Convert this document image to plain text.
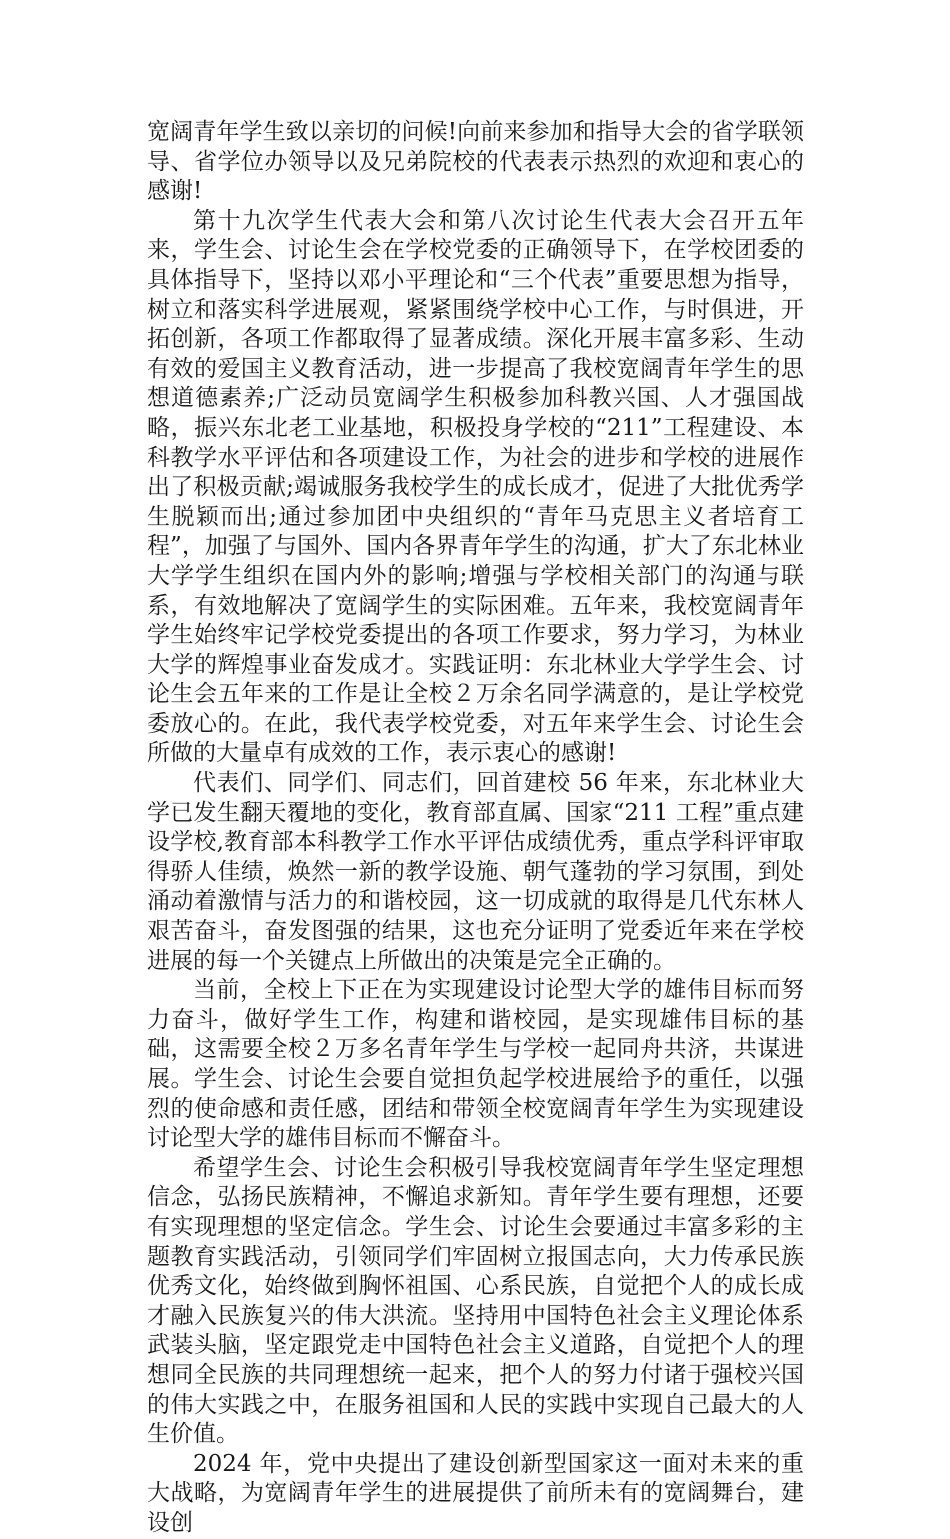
宽阔青年学生致以亲切的问候!向前来参加和指导大会的省学联领导、省学位办领导以及兄弟院校的代表表示热烈的欢迎和衷心的感谢!

第十九次学生代表大会和第八次讨论生代表大会召开五年来，学生会、讨论生会在学校党委的正确领导下，在学校团委的具体指导下，坚持以邓小平理论和“三个代表”重要思想为指导，树立和落实科学进展观，紧紧围绕学校中心工作，与时俱进，开拓创新，各项工作都取得了显著成绩。深化开展丰富多彩、生动有效的爱国主义教育活动，进一步提高了我校宽阔青年学生的思想道德素养;广泛动员宽阔学生积极参加科教兴国、人才强国战略，振兴东北老工业基地，积极投身学校的“211”工程建设、本科教学水平评估和各项建设工作，为社会的进步和学校的进展作出了积极贡献;竭诚服务我校学生的成长成才，促进了大批优秀学生脱颖而出;通过参加团中央组织的“青年马克思主义者培育工程”，加强了与国外、国内各界青年学生的沟通，扩大了东北林业大学学生组织在国内外的影响;增强与学校相关部门的沟通与联系，有效地解决了宽阔学生的实际困难。五年来，我校宽阔青年学生始终牢记学校党委提出的各项工作要求，努力学习，为林业大学的辉煌事业奋发成才。实践证明：东北林业大学学生会、讨论生会五年来的工作是让全校２万余名同学满意的，是让学校党委放心的。在此，我代表学校党委，对五年来学生会、讨论生会所做的大量卓有成效的工作，表示衷心的感谢!

代表们、同学们、同志们，回首建校 56 年来，东北林业大学已发生翻天覆地的变化，教育部直属、国家“211 工程”重点建设学校,教育部本科教学工作水平评估成绩优秀，重点学科评审取得骄人佳绩，焕然一新的教学设施、朝气蓬勃的学习氛围，到处涌动着激情与活力的和谐校园，这一切成就的取得是几代东林人艰苦奋斗，奋发图强的结果，这也充分证明了党委近年来在学校进展的每一个关键点上所做出的决策是完全正确的。

当前，全校上下正在为实现建设讨论型大学的雄伟目标而努力奋斗，做好学生工作，构建和谐校园，是实现雄伟目标的基础，这需要全校２万多名青年学生与学校一起同舟共济，共谋进展。学生会、讨论生会要自觉担负起学校进展给予的重任，以强烈的使命感和责任感，团结和带领全校宽阔青年学生为实现建设讨论型大学的雄伟目标而不懈奋斗。

希望学生会、讨论生会积极引导我校宽阔青年学生坚定理想信念，弘扬民族精神，不懈追求新知。青年学生要有理想，还要有实现理想的坚定信念。学生会、讨论生会要通过丰富多彩的主题教育实践活动，引领同学们牢固树立报国志向，大力传承民族优秀文化，始终做到胸怀祖国、心系民族，自觉把个人的成长成才融入民族复兴的伟大洪流。坚持用中国特色社会主义理论体系武装头脑，坚定跟党走中国特色社会主义道路，自觉把个人的理想同全民族的共同理想统一起来，把个人的努力付诸于强校兴国的伟大实践之中，在服务祖国和人民的实践中实现自己最大的人生价值。

2024 年，党中央提出了建设创新型国家这一面对未来的重大战略，为宽阔青年学生的进展提供了前所未有的宽阔舞台，建设创
